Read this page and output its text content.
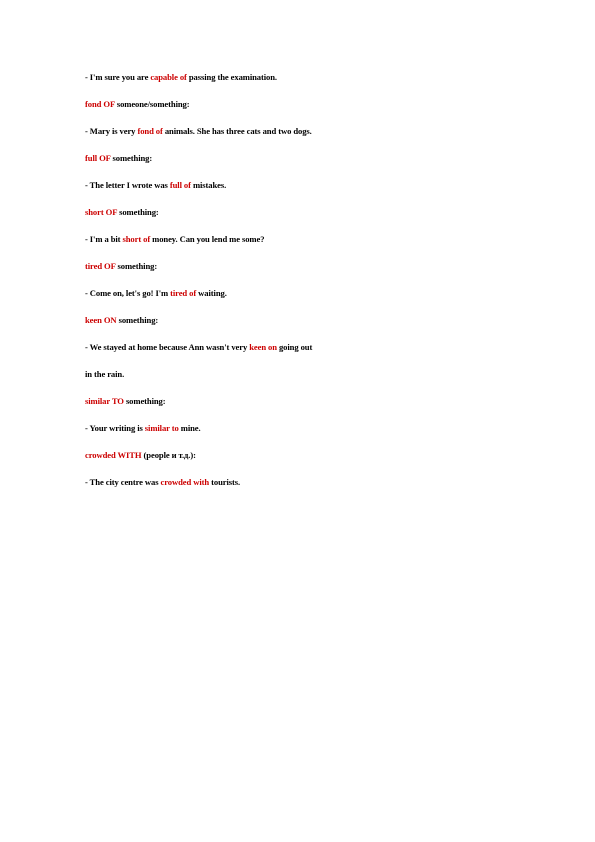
- I'm sure you are capable of passing the examination.
fond OF someone/something:
- Mary is very fond of animals. She has three cats and two dogs.
full OF something:
- The letter I wrote was full of mistakes.
short OF something:
- I'm a bit short of money. Can you lend me some?
tired OF something:
- Come on, let's go! I'm tired of waiting.
keen ON something:
- We stayed at home because Ann wasn't very keen on going out
in the rain.
similar TO something:
- Your writing is similar to mine.
crowded WITH (people и т.д.):
- The city centre was crowded with tourists.
